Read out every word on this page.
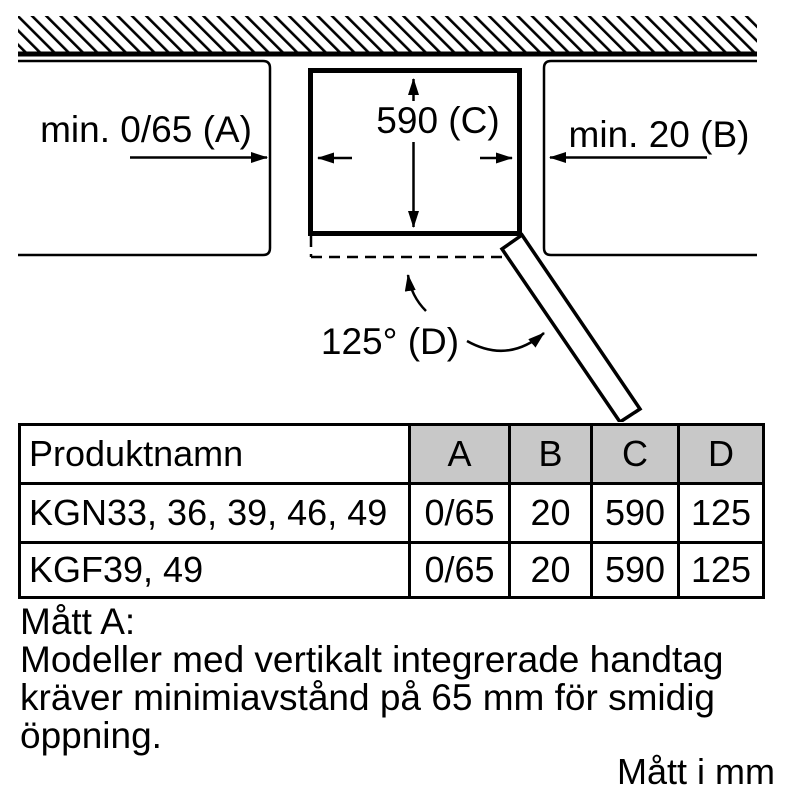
590 (C)
min. 0/65 (A)	min. 20 (B)
125° (D)
Produktnamn	A	B	C	D
KGN33, 36, 39, 46, 49	0/65	20	590	125
KGF39, 49	0/65	20	590	125
Mått A:
Modeller med vertikalt integrerade handtag
kräver minimiavstånd på 65 mm för smidig
öppning.
Mått i mm
